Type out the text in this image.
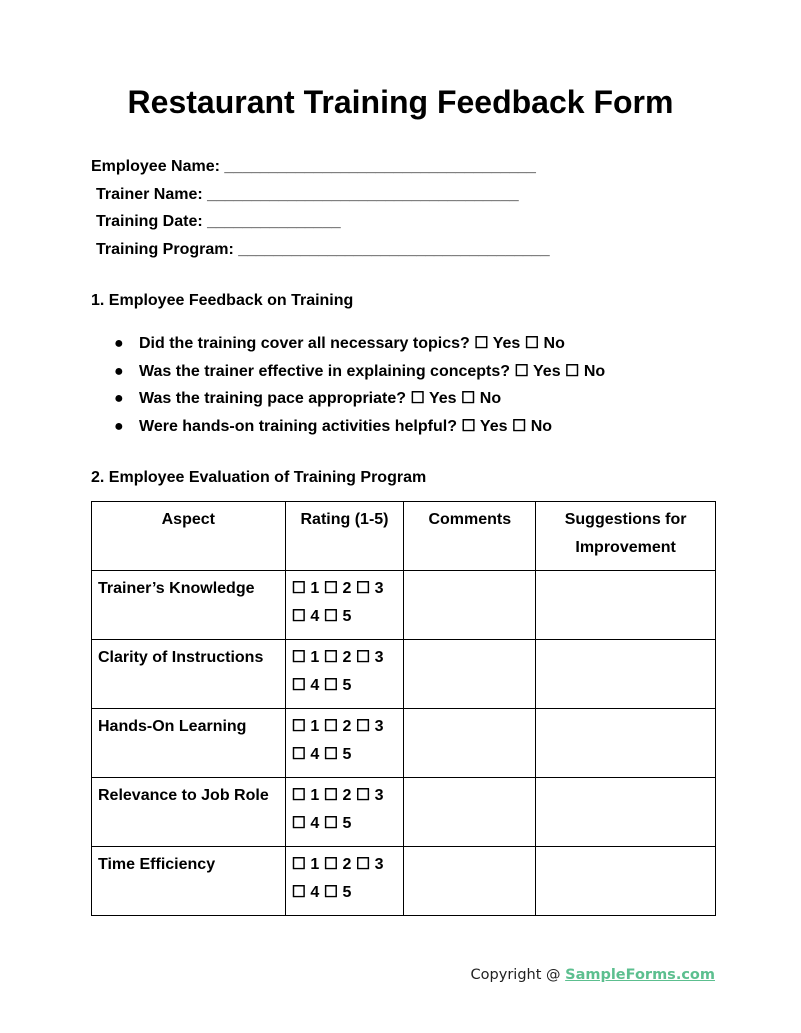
Restaurant Training Feedback Form
Employee Name: ___________________________________
Trainer Name: ___________________________________
Training Date: _______________
Training Program: ___________________________________
1. Employee Feedback on Training
● Did the training cover all necessary topics? ☐ Yes ☐ No
● Was the trainer effective in explaining concepts? ☐ Yes ☐ No
● Was the training pace appropriate? ☐ Yes ☐ No
● Were hands-on training activities helpful? ☐ Yes ☐ No
2. Employee Evaluation of Training Program
Aspect	Rating (1-5)	Comments	Suggestions for Improvement
Trainer’s Knowledge	☐ 1 ☐ 2 ☐ 3
☐ 4 ☐ 5		

Clarity of Instructions	☐ 1 ☐ 2 ☐ 3
☐ 4 ☐ 5		

Hands-On Learning	☐ 1 ☐ 2 ☐ 3
☐ 4 ☐ 5		

Relevance to Job Role	☐ 1 ☐ 2 ☐ 3
☐ 4 ☐ 5		

Time Efficiency	☐ 1 ☐ 2 ☐ 3
☐ 4 ☐ 5		

Copyright @ SampleForms.com
